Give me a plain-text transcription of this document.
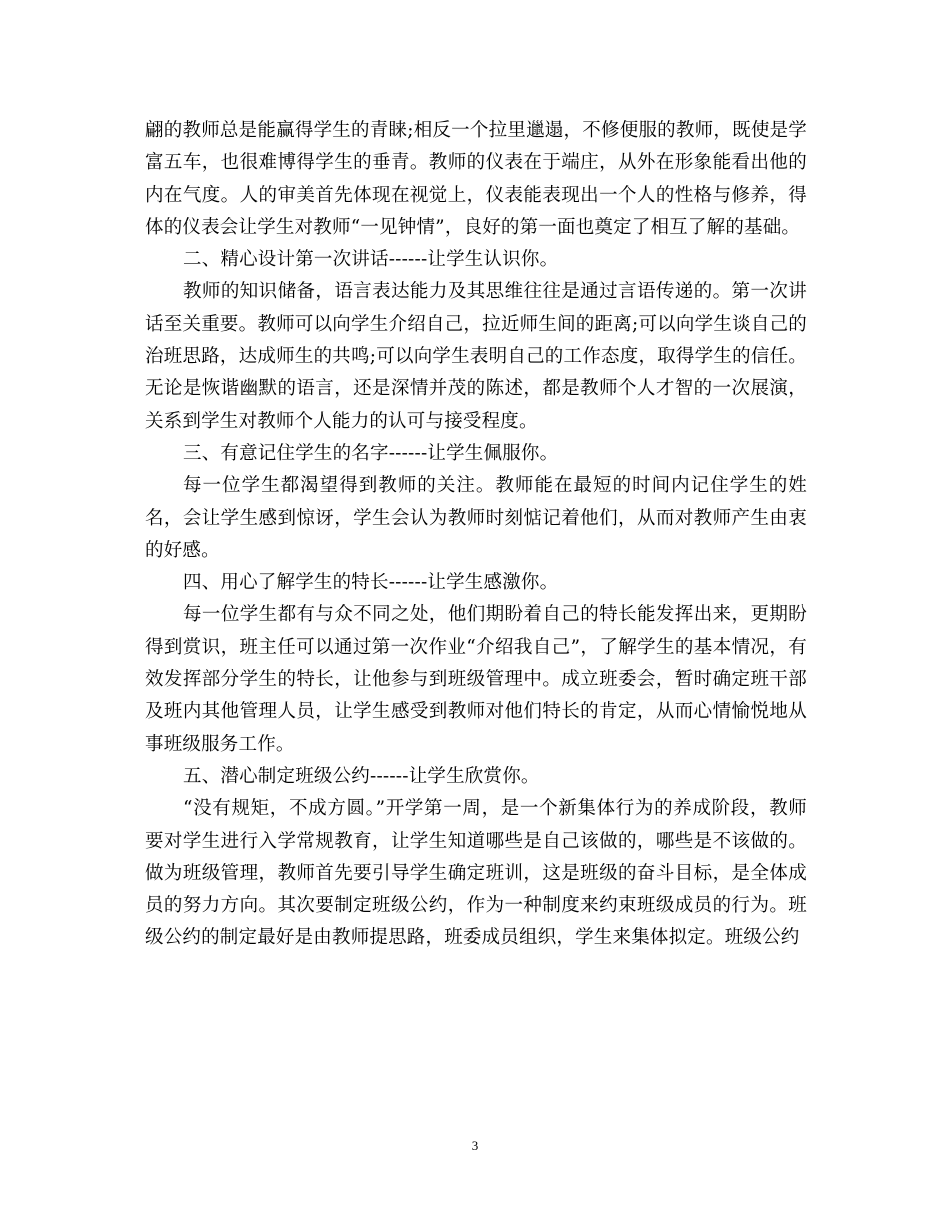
翩的教师总是能赢得学生的青睐;相反一个拉里邋遢，不修便服的教师，既使是学富五车，也很难博得学生的垂青。教师的仪表在于端庄，从外在形象能看出他的内在气度。人的审美首先体现在视觉上，仪表能表现出一个人的性格与修养，得体的仪表会让学生对教师“一见钟情”，良好的第一面也奠定了相互了解的基础。

二、精心设计第一次讲话------让学生认识你。

教师的知识储备，语言表达能力及其思维往往是通过言语传递的。第一次讲话至关重要。教师可以向学生介绍自己，拉近师生间的距离;可以向学生谈自己的治班思路，达成师生的共鸣;可以向学生表明自己的工作态度，取得学生的信任。无论是恢谐幽默的语言，还是深情并茂的陈述，都是教师个人才智的一次展演，关系到学生对教师个人能力的认可与接受程度。

三、有意记住学生的名字------让学生佩服你。

每一位学生都渴望得到教师的关注。教师能在最短的时间内记住学生的姓名，会让学生感到惊讶，学生会认为教师时刻惦记着他们，从而对教师产生由衷的好感。

四、用心了解学生的特长------让学生感激你。

每一位学生都有与众不同之处，他们期盼着自己的特长能发挥出来，更期盼得到赏识，班主任可以通过第一次作业“介绍我自己”，了解学生的基本情况，有效发挥部分学生的特长，让他参与到班级管理中。成立班委会，暂时确定班干部及班内其他管理人员，让学生感受到教师对他们特长的肯定，从而心情愉悦地从事班级服务工作。

五、潜心制定班级公约------让学生欣赏你。

“没有规矩，不成方圆。”开学第一周，是一个新集体行为的养成阶段，教师要对学生进行入学常规教育，让学生知道哪些是自己该做的，哪些是不该做的。做为班级管理，教师首先要引导学生确定班训，这是班级的奋斗目标，是全体成员的努力方向。其次要制定班级公约，作为一种制度来约束班级成员的行为。班级公约的制定最好是由教师提思路，班委成员组织，学生来集体拟定。班级公约

3
